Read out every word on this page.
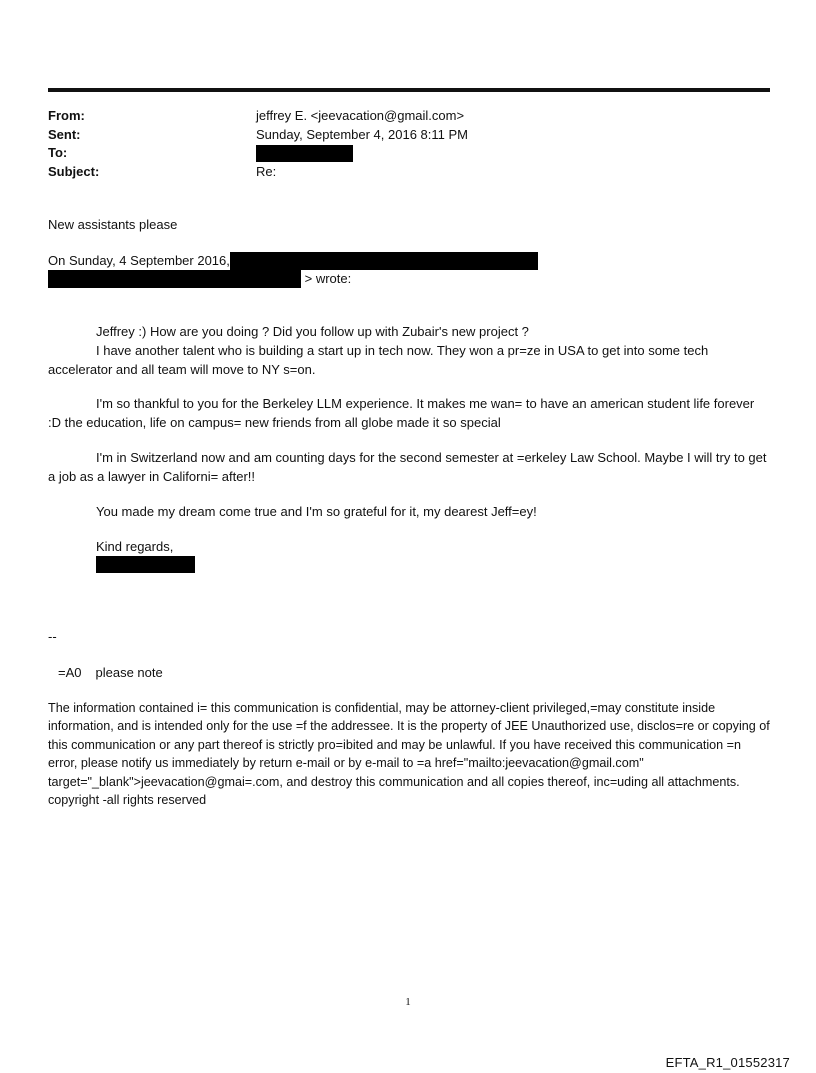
From:	jeffrey E. <jeevacation@gmail.com>
Sent:	Sunday, September 4, 2016 8:11 PM
To:
Subject:	Re:
New assistants please
On Sunday, 4 September 2016,
> wrote:
Jeffrey :) How are you doing ? Did you follow up with Zubair's new project ?
I have another talent who is building a start up in tech now. They won a pr=ze in USA to get into some tech accelerator and all team will move to NY s=on.
I'm so thankful to you for the Berkeley LLM experience. It makes me wan= to have an american student life forever :D the education, life on campus= new friends from all globe made it so special
I'm in Switzerland now and am counting days for the second semester at =erkeley Law School. Maybe I will try to get a job as a lawyer in Californi= after!!
You made my dream come true and I'm so grateful for it, my dearest Jeff=ey!
Kind regards,
--
=A0 please note
The information contained i= this communication is confidential, may be attorney-client privileged,=may constitute inside information, and is intended only for the use =f the addressee. It is the property of JEE Unauthorized use, disclos=re or copying of this communication or any part thereof is strictly pro=ibited and may be unlawful. If you have received this communication =n error, please notify us immediately by return e-mail or by e-mail to =a href="mailto:jeevacation@gmail.com" target="_blank">jeevacation@gmai=.com, and destroy this communication and all copies thereof, inc=uding all attachments. copyright -all rights reserved
1
EFTA_R1_01552317
